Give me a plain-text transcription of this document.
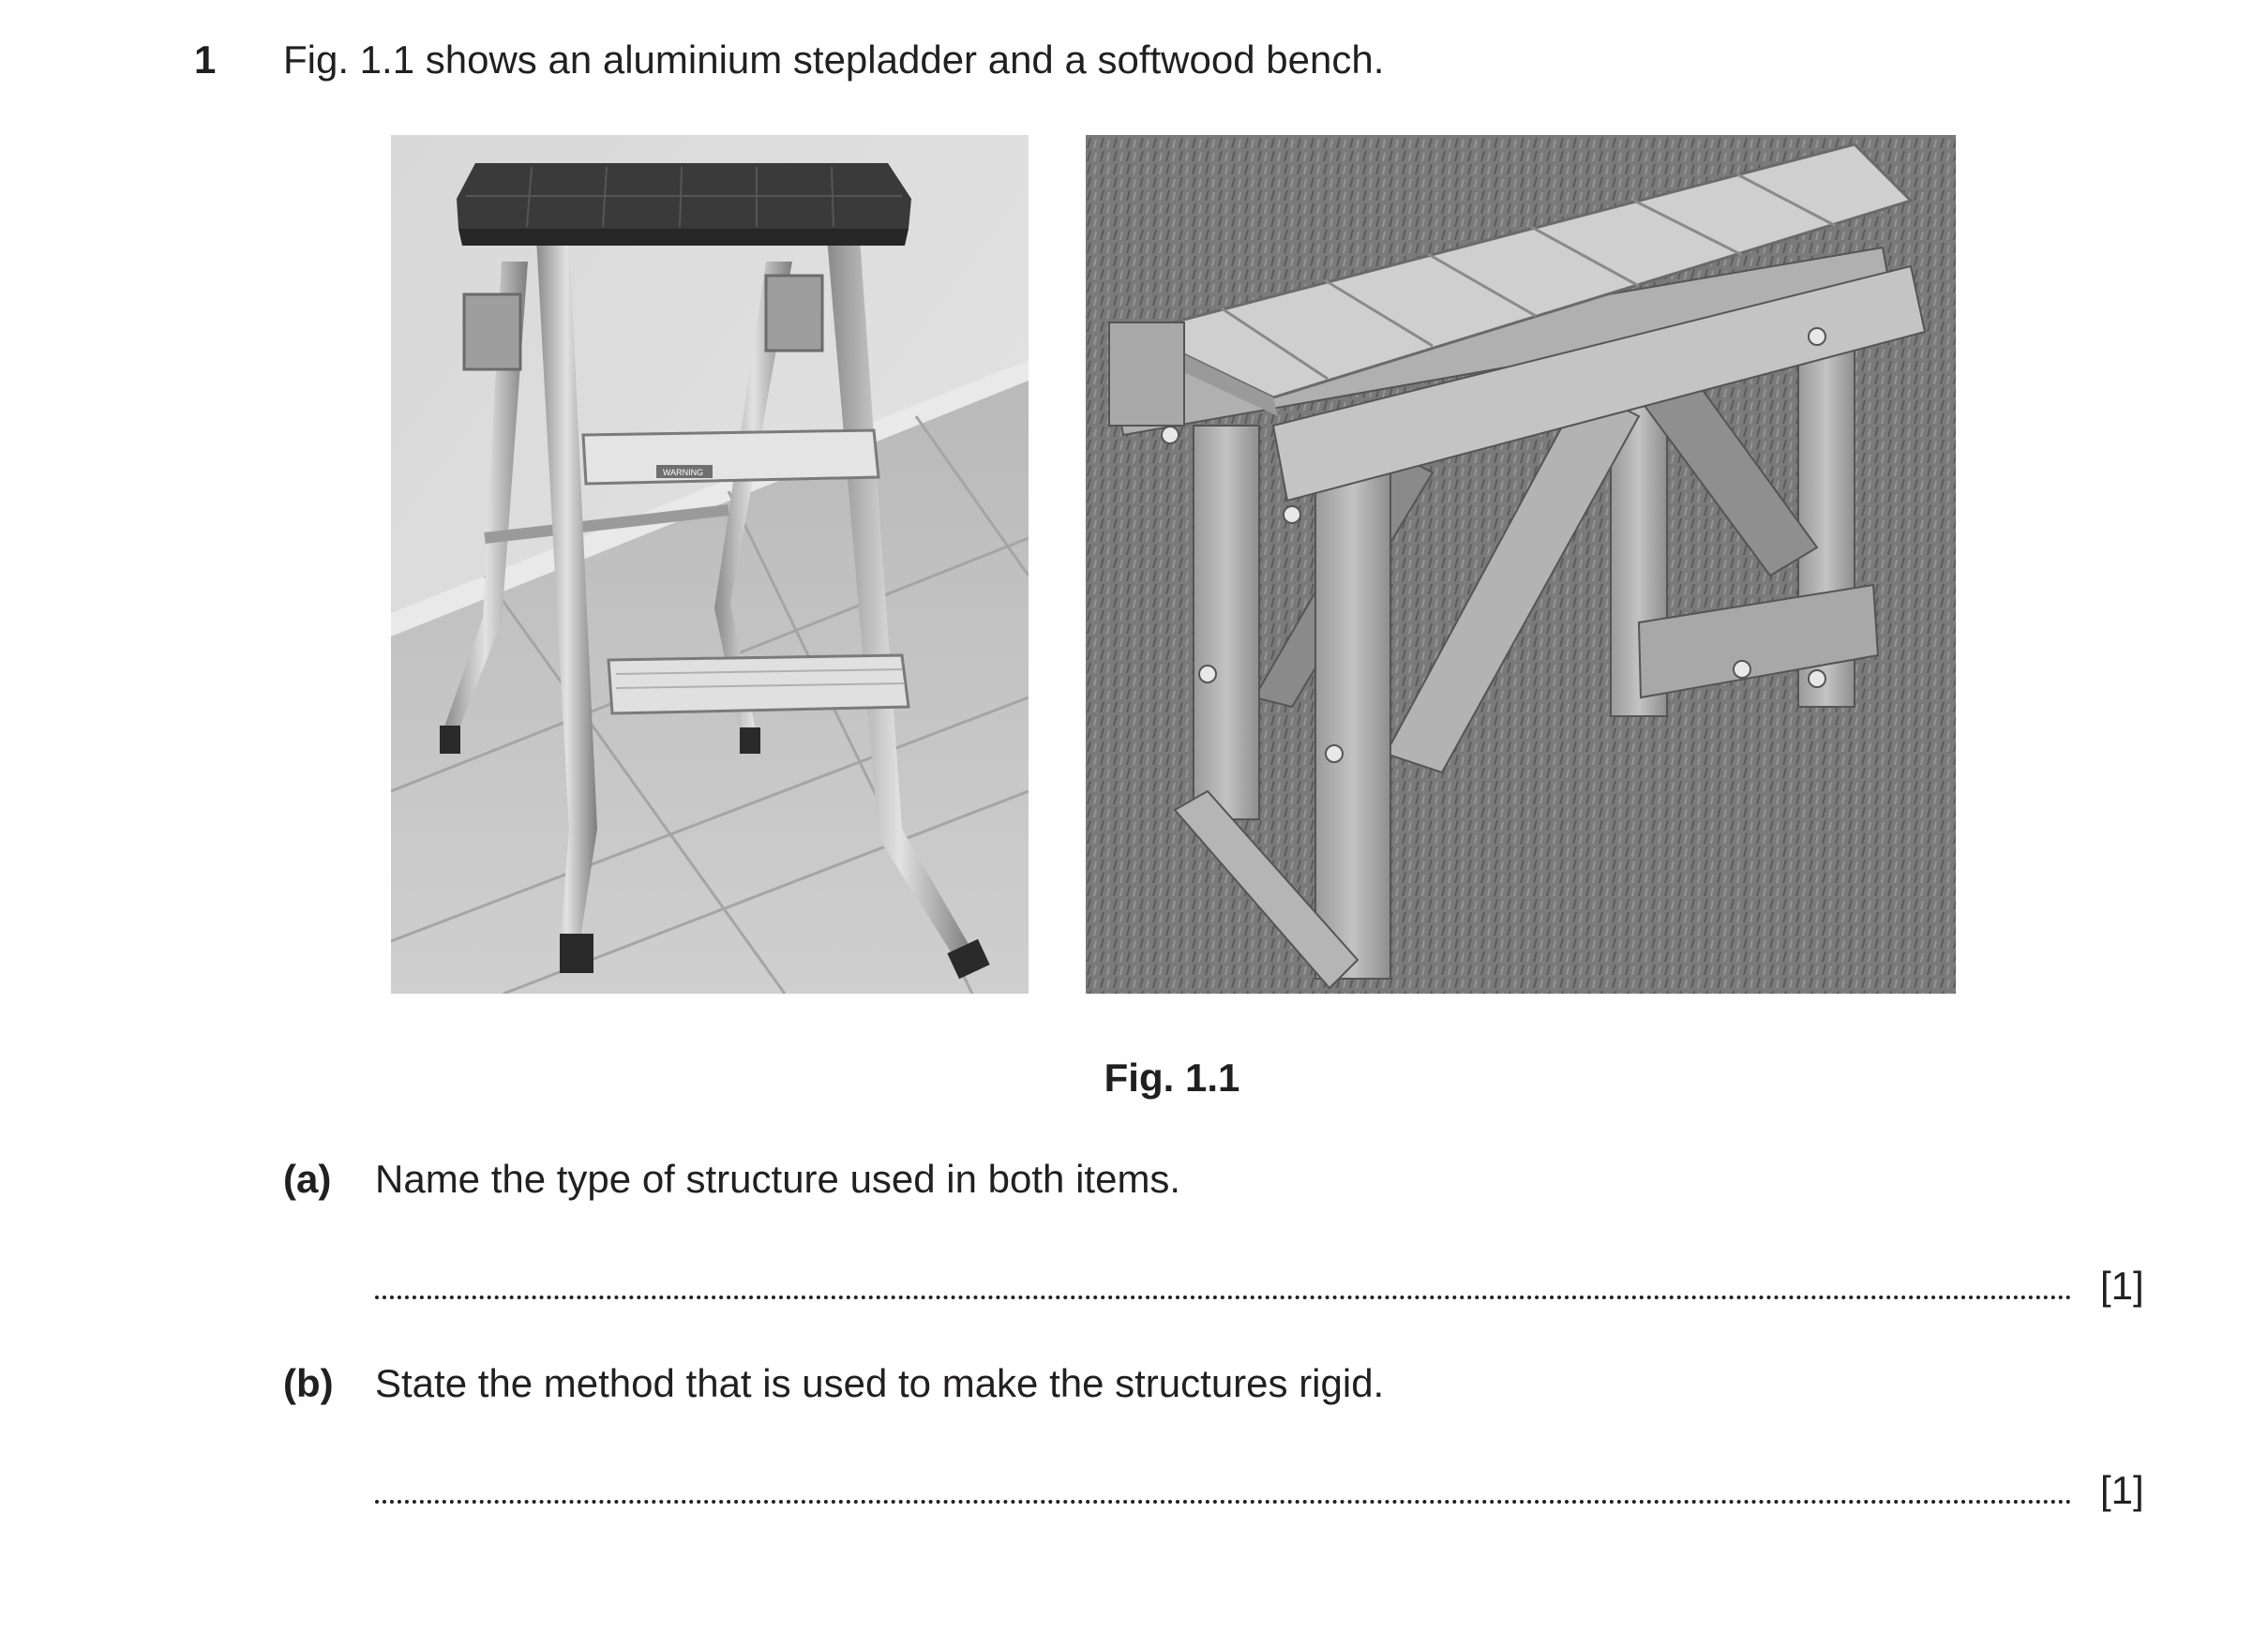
1 Fig. 1.1 shows an aluminium stepladder and a softwood bench.
WARNING
Fig. 1.1
(a) Name the type of structure used in both items.
[1]
(b) State the method that is used to make the structures rigid.
[1]
